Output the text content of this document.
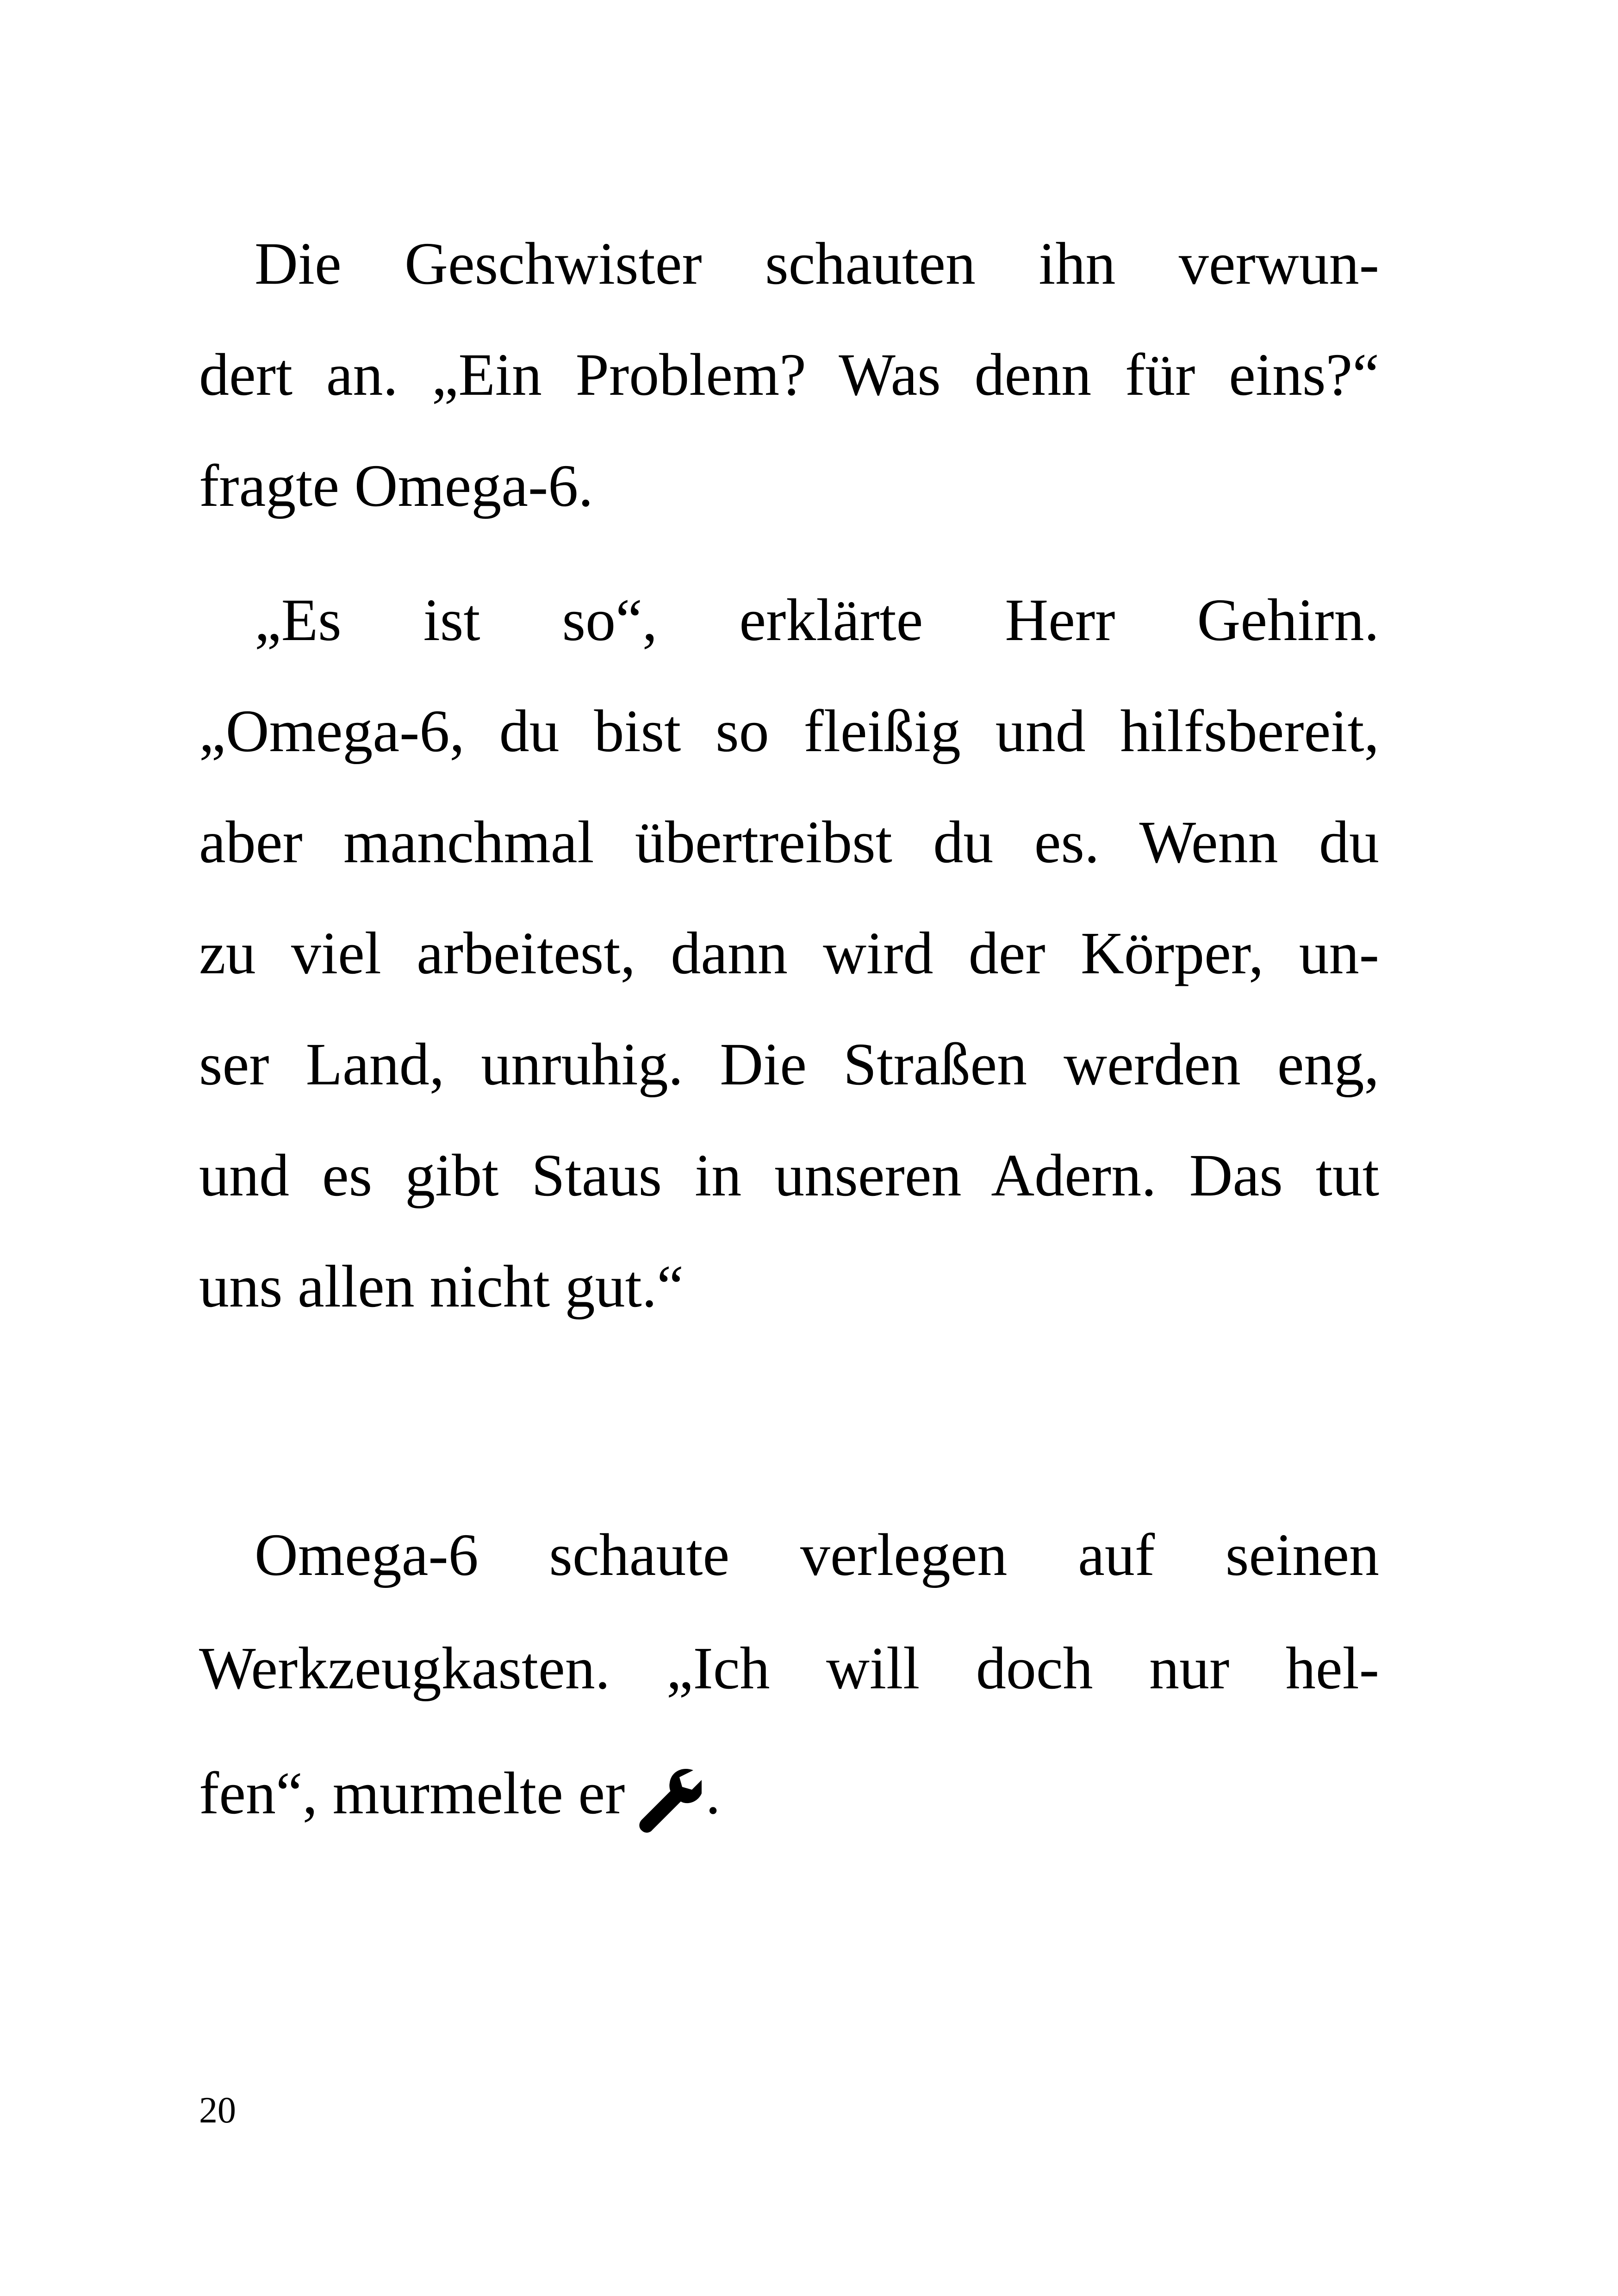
Die Geschwister schauten ihn verwun-
dert an. „Ein Problem? Was denn für eins?“
fragte Omega-6.
„Es ist so“, erklärte Herr Gehirn.
„Omega-6, du bist so fleißig und hilfsbereit,
aber manchmal übertreibst du es. Wenn du
zu viel arbeitest, dann wird der Körper, un-
ser Land, unruhig. Die Straßen werden eng,
und es gibt Staus in unseren Adern. Das tut
uns allen nicht gut.“
Omega-6 schaute verlegen auf seinen
Werkzeugkasten. „Ich will doch nur hel-
fen“, murmelte er .
20
